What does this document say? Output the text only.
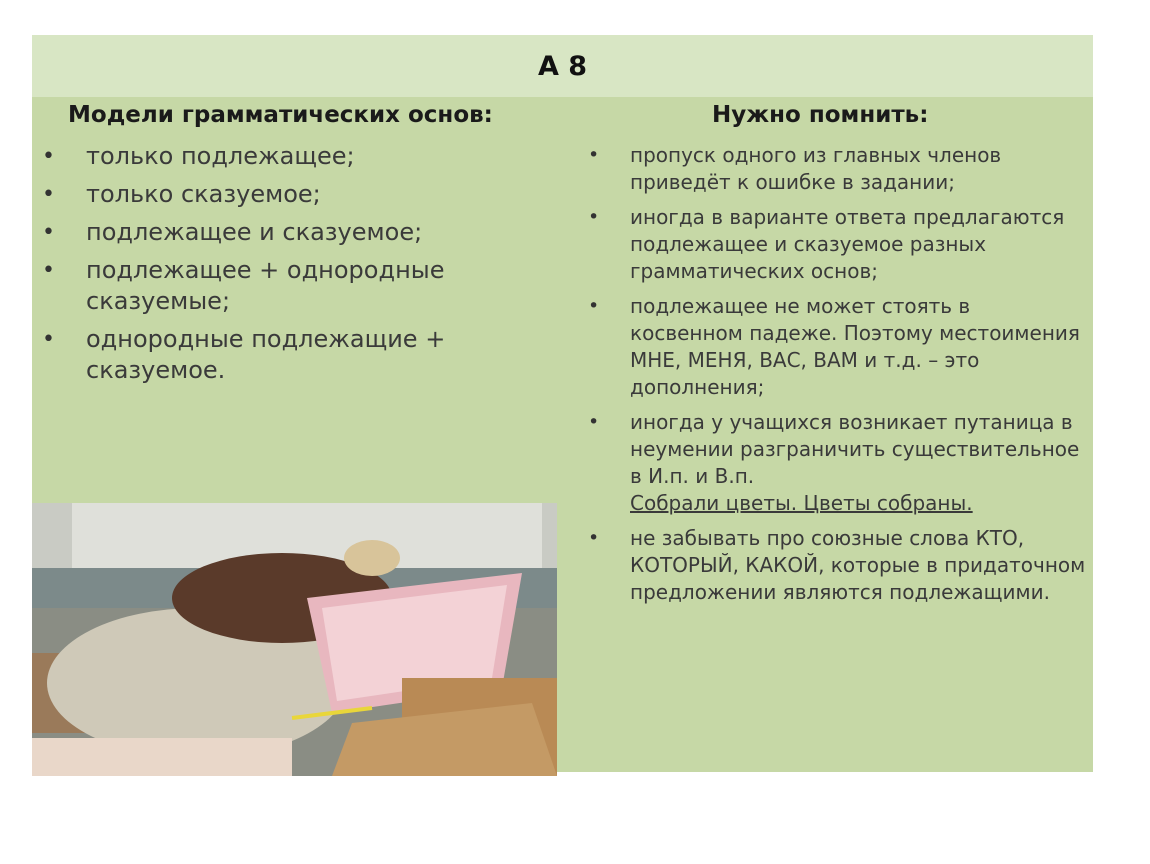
А 8
Модели грамматических основ:	Нужно помнить:
• только подлежащее;
• только сказуемое;
• подлежащее и сказуемое;
• подлежащее + однородные сказуемые;
• однородные подлежащие + сказуемое.
• пропуск одного из главных членов приведёт к ошибке в задании;
• иногда в варианте ответа предлагаются подлежащее и сказуемое разных грамматических основ;
• подлежащее не может стоять в косвенном падеже. Поэтому местоимения МНЕ, МЕНЯ, ВАС, ВАМ и т.д. – это дополнения;
• иногда у учащихся возникает путаница в неумении разграничить существительное в И.п. и В.п.
Собрали цветы. Цветы собраны.
• не забывать про союзные слова КТО, КОТОРЫЙ, КАКОЙ, которые в придаточном предложении являются подлежащими.
